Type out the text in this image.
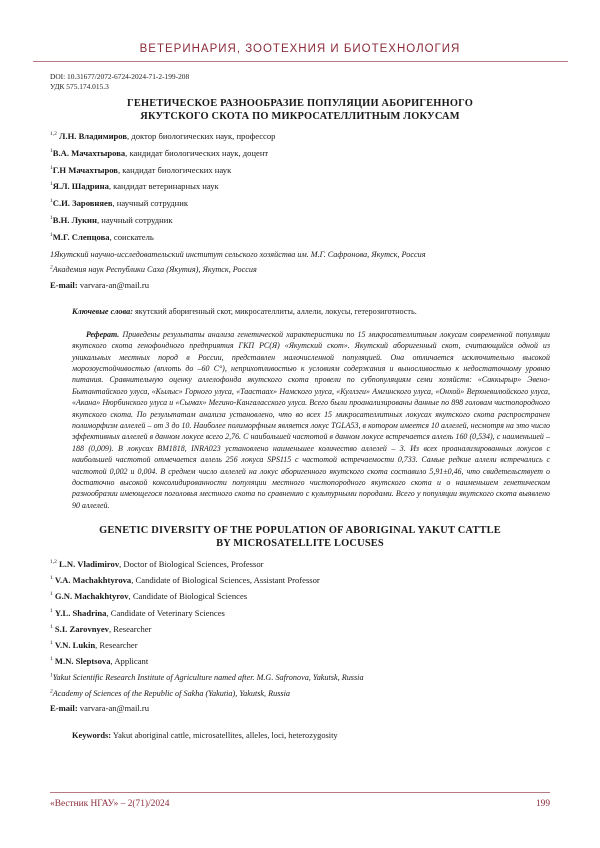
ВЕТЕРИНАРИЯ, ЗООТЕХНИЯ И БИОТЕХНОЛОГИЯ
DOI: 10.31677/2072-6724-2024-71-2-199-208
УДК 575.174.015.3
ГЕНЕТИЧЕСКОЕ РАЗНООБРАЗИЕ ПОПУЛЯЦИИ АБОРИГЕННОГО
ЯКУТСКОГО СКОТА ПО МИКРОСАТЕЛЛИТНЫМ ЛОКУСАМ
$^{1,2}$ Л.Н. Владимиров, доктор биологических наук, профессор
$^1$В.А. Мачахтырова, кандидат биологических наук, доцент
$^1$Г.Н Мачахтыров, кандидат биологических наук
$^1$Я.Л. Шадрина, кандидат ветеринарных наук
$^1$С.И. Заровняев, научный сотрудник
$^1$В.Н. Лукин, научный сотрудник
$^1$М.Г. Слепцова, соискатель
1Якутский научно-исследовательский институт сельского хозяйства им. М.Г. Сафронова, Якутск, Россия
$^2$Академия наук Республики Саха (Якутия), Якутск, Россия
E-mail: varvara-an@mail.ru
Ключевые слова: якутский аборигенный скот, микросателлиты, аллели, локусы, гетерозиготность.
Реферат. Приведены результаты анализа генетической характеристики по 15 микросателлитным локусам современной популяции якутского скота генофондного предприятия ГКП РС(Я) «Якутский скот». Якутский аборигенный скот, считающийся одной из уникальных местных пород в России, представлен малочисленной популяцией. Она отличается исключительно высокой морозоустойчивостью (вплоть до –60 С°), неприхотливостью к условиям содержания и выносливостью к недостаточному уровню питания. Сравнительную оценку аллелофонда якутского скота провели по субпопуляциям семи хозяйств: «Саккырыр» Эвено-Бытантайского улуса, «Кылыс» Горного улуса, «Таастаах» Намского улуса, «Куллэги» Амгинского улуса, «Онхой» Верхневилюйского улуса, «Акана» Нюрбинского улуса и «Сымах» Мегино-Кангаласского улуса. Всего были проанализированы данные по 898 головам чистопородного якутского скота. По результатам анализа установлено, что во всех 15 микросателлитных локусах якутского скота распространен полиморфизм аллелей – от 3 до 10. Наиболее полиморфным является локус TGLA53, в котором имеется 10 аллелей, несмотря на это число эффективных аллелей в данном локусе всего 2,76. С наибольшей частотой в данном локусе встречается аллель 160 (0,534), с наименьшей – 188 (0,009). В локусах BM1818, INRA023 установлено наименьшее количество аллелей – 3. Из всех проанализированных локусов с наибольшей частотой отмечается аллель 256 локуса SPS115 с частотой встречаемости 0,733. Самые редкие аллели встречались с частотой 0,002 и 0,004. В среднем число аллелей на локус аборигенного якутского скота составило 5,91±0,46, что свидетельствует о достаточно высокой консолидированности популяции местного чистопородного якутского скота и о наименьшем генетическом разнообразии имеющегося поголовья местного скота по сравнению с культурными породами. Всего у популяции якутского скота выявлено 90 аллелей.
GENETIC DIVERSITY OF THE POPULATION OF ABORIGINAL YAKUT CATTLE
BY MICROSATELLITE LOCUSES
$^{1,2}$ L.N. Vladimirov, Doctor of Biological Sciences, Professor
$^1$ V.A. Machakhtyrova, Candidate of Biological Sciences, Assistant Professor
$^1$ G.N. Machakhtyrov, Candidate of Biological Sciences
$^1$ Y.L. Shadrina, Candidate of Veterinary Sciences
$^1$ S.I. Zarovnyev, Researcher
$^1$ V.N. Lukin, Researcher
$^1$ M.N. Sleptsova, Applicant
$^1$Yakut Scientific Research Institute of Agriculture named after. M.G. Safronova, Yakutsk, Russia
$^2$Academy of Sciences of the Republic of Sakha (Yakutia), Yakutsk, Russia
E-mail: varvara-an@mail.ru
Keywords: Yakut aboriginal cattle, microsatellites, alleles, loci, heterozygosity
«Вестник НГАУ» – 2(71)/2024	199
